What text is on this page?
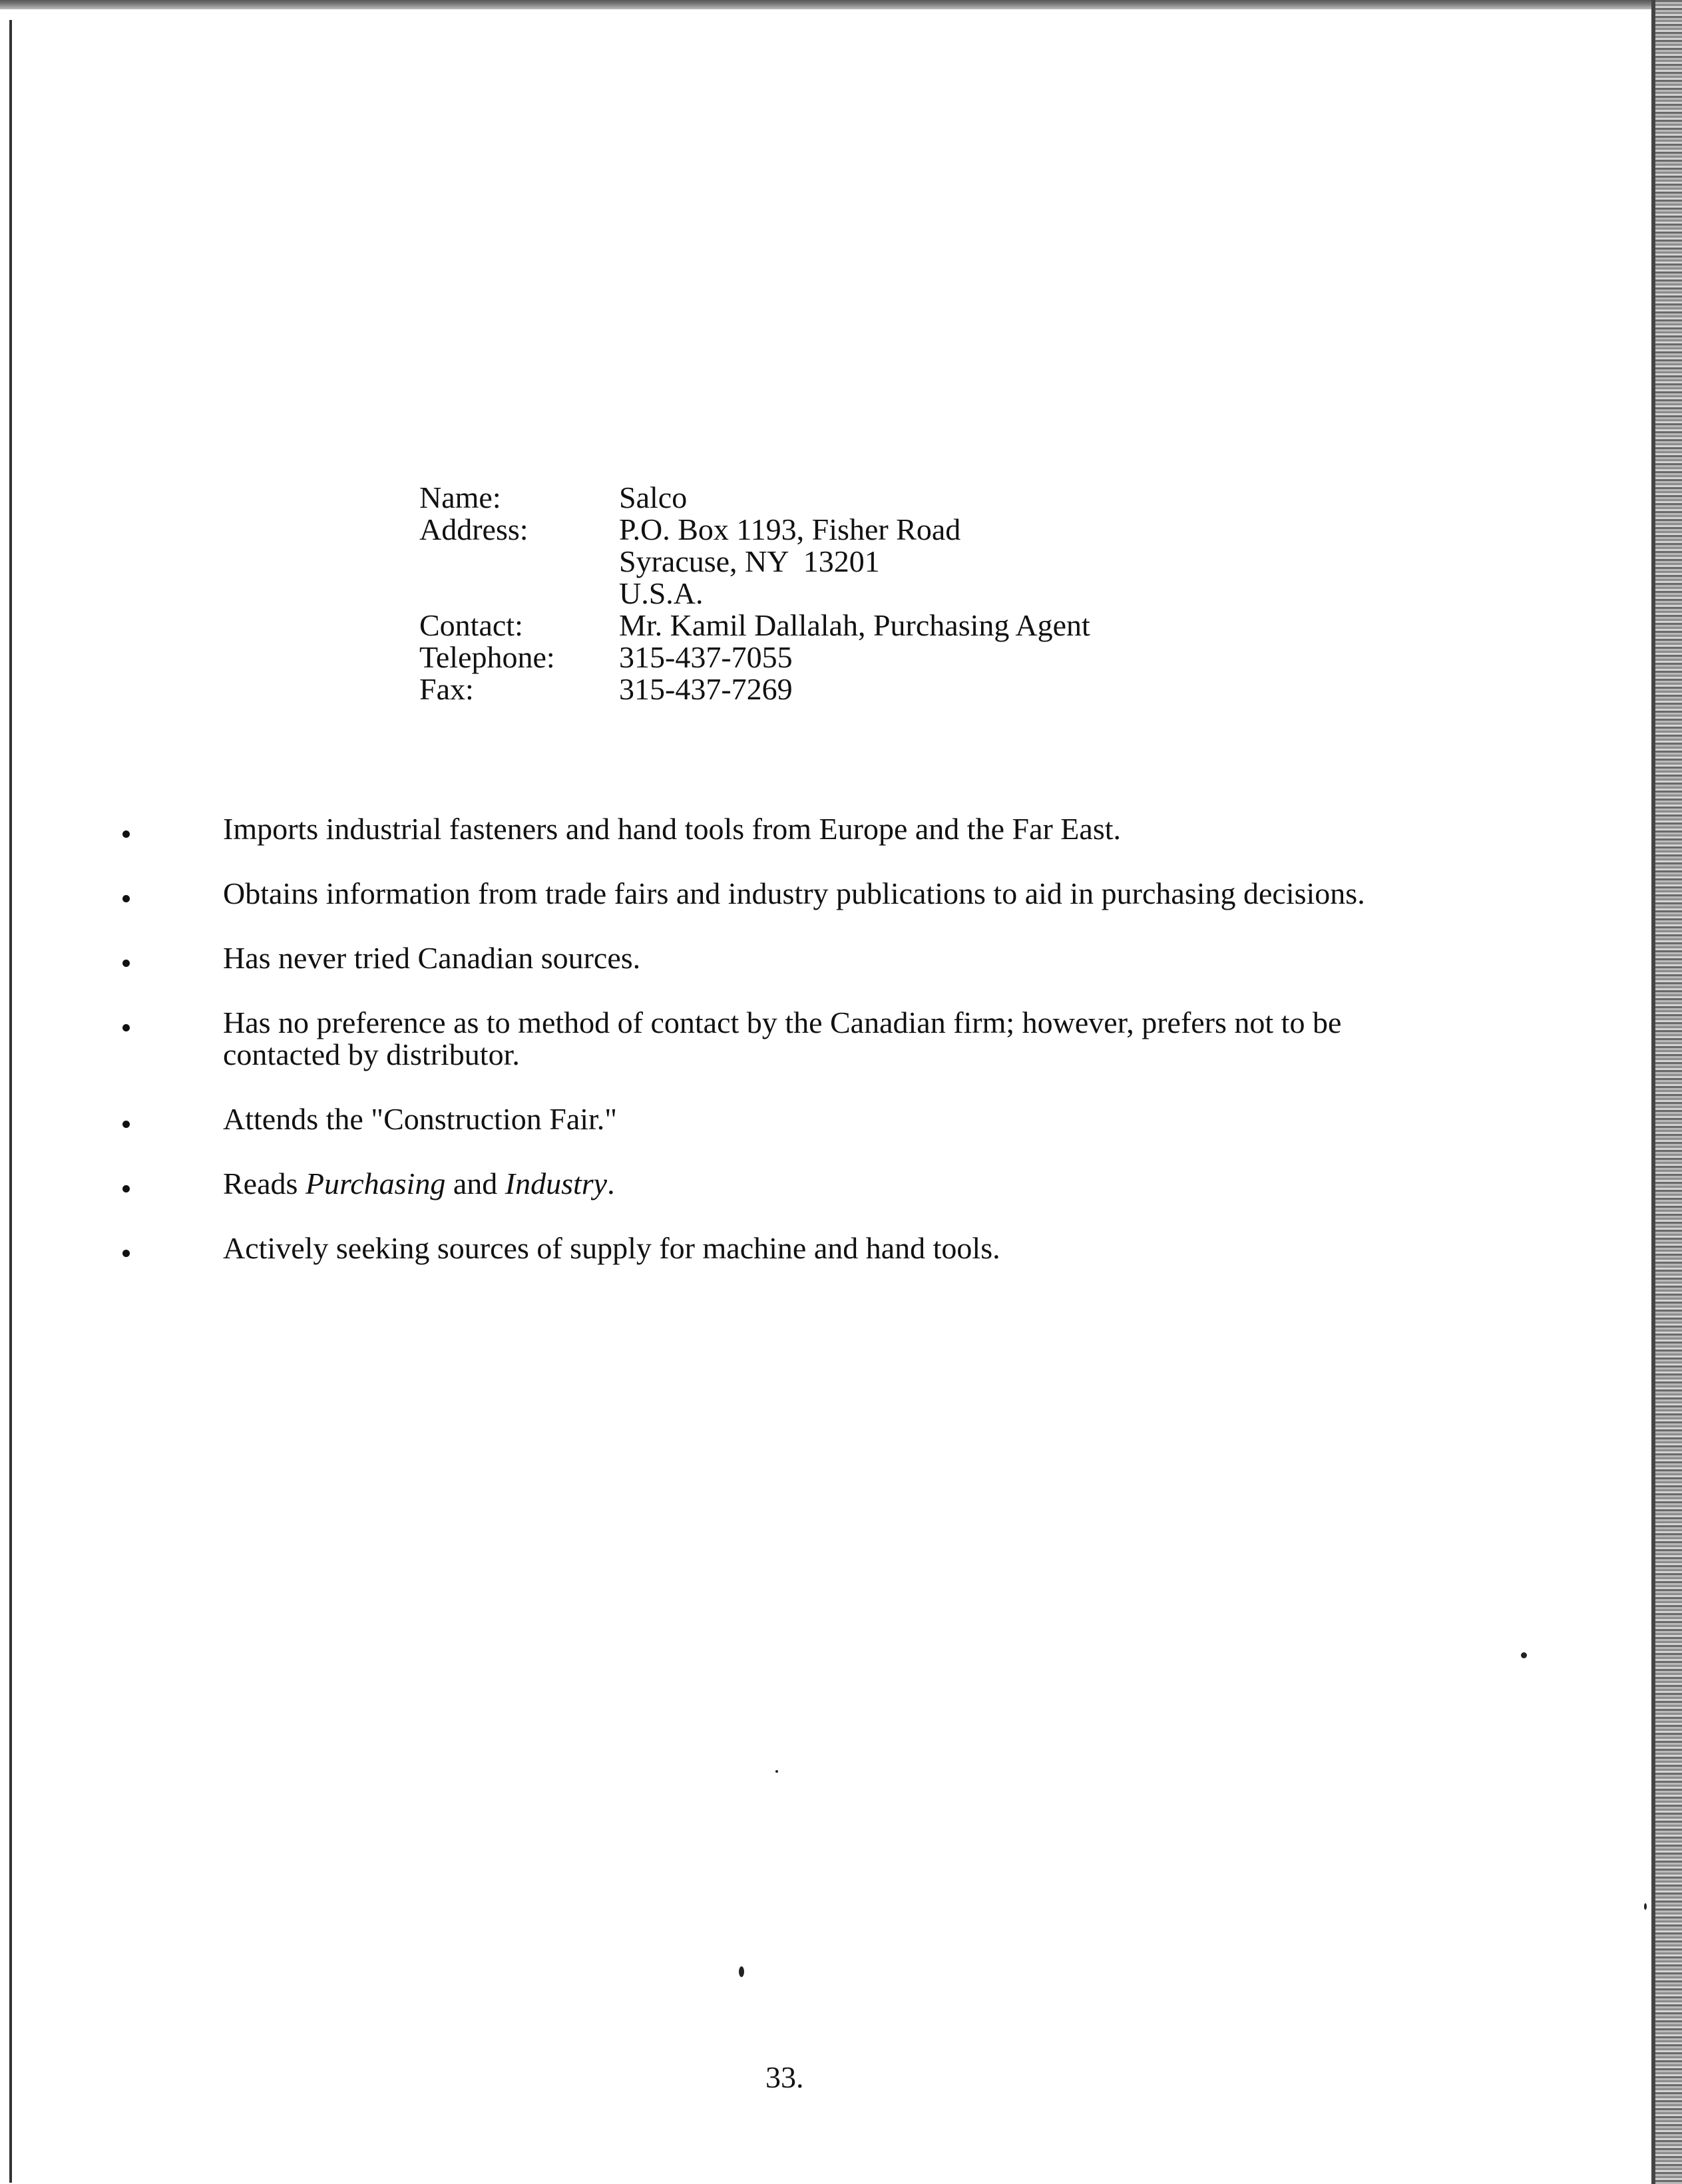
Name:	Salco
Address:	P.O. Box 1193, Fisher Road
Syracuse, NY  13201
U.S.A.
Contact:	Mr. Kamil Dallalah, Purchasing Agent
Telephone:	315-437-7055
Fax:	315-437-7269
Imports industrial fasteners and hand tools from Europe and the Far East.
Obtains information from trade fairs and industry publications to aid in purchasing decisions.
Has never tried Canadian sources.
Has no preference as to method of contact by the Canadian firm; however, prefers not to be contacted by distributor.
Attends the "Construction Fair."
Reads Purchasing and Industry.
Actively seeking sources of supply for machine and hand tools.
33.
